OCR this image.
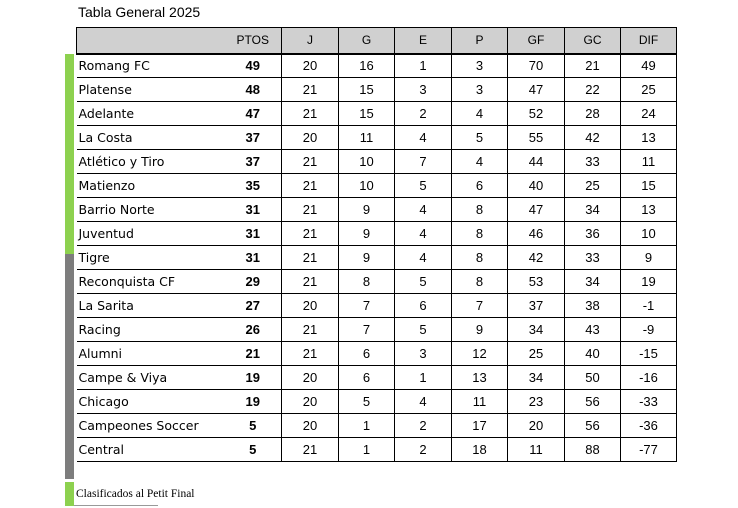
Tabla General 2025
	PTOS	J	G	E	P	GF	GC	DIF
Romang FC	49	20	16	1	3	70	21	49
Platense	48	21	15	3	3	47	22	25
Adelante	47	21	15	2	4	52	28	24
La Costa	37	20	11	4	5	55	42	13
Atlético y Tiro	37	21	10	7	4	44	33	11
Matienzo	35	21	10	5	6	40	25	15
Barrio Norte	31	21	9	4	8	47	34	13
Juventud	31	21	9	4	8	46	36	10
Tigre	31	21	9	4	8	42	33	9
Reconquista CF	29	21	8	5	8	53	34	19
La Sarita	27	20	7	6	7	37	38	-1
Racing	26	21	7	5	9	34	43	-9
Alumni	21	21	6	3	12	25	40	-15
Campe & Viya	19	20	6	1	13	34	50	-16
Chicago	19	20	5	4	11	23	56	-33
Campeones Soccer	5	20	1	2	17	20	56	-36
Central	5	21	1	2	18	11	88	-77
Clasificados al Petit Final
